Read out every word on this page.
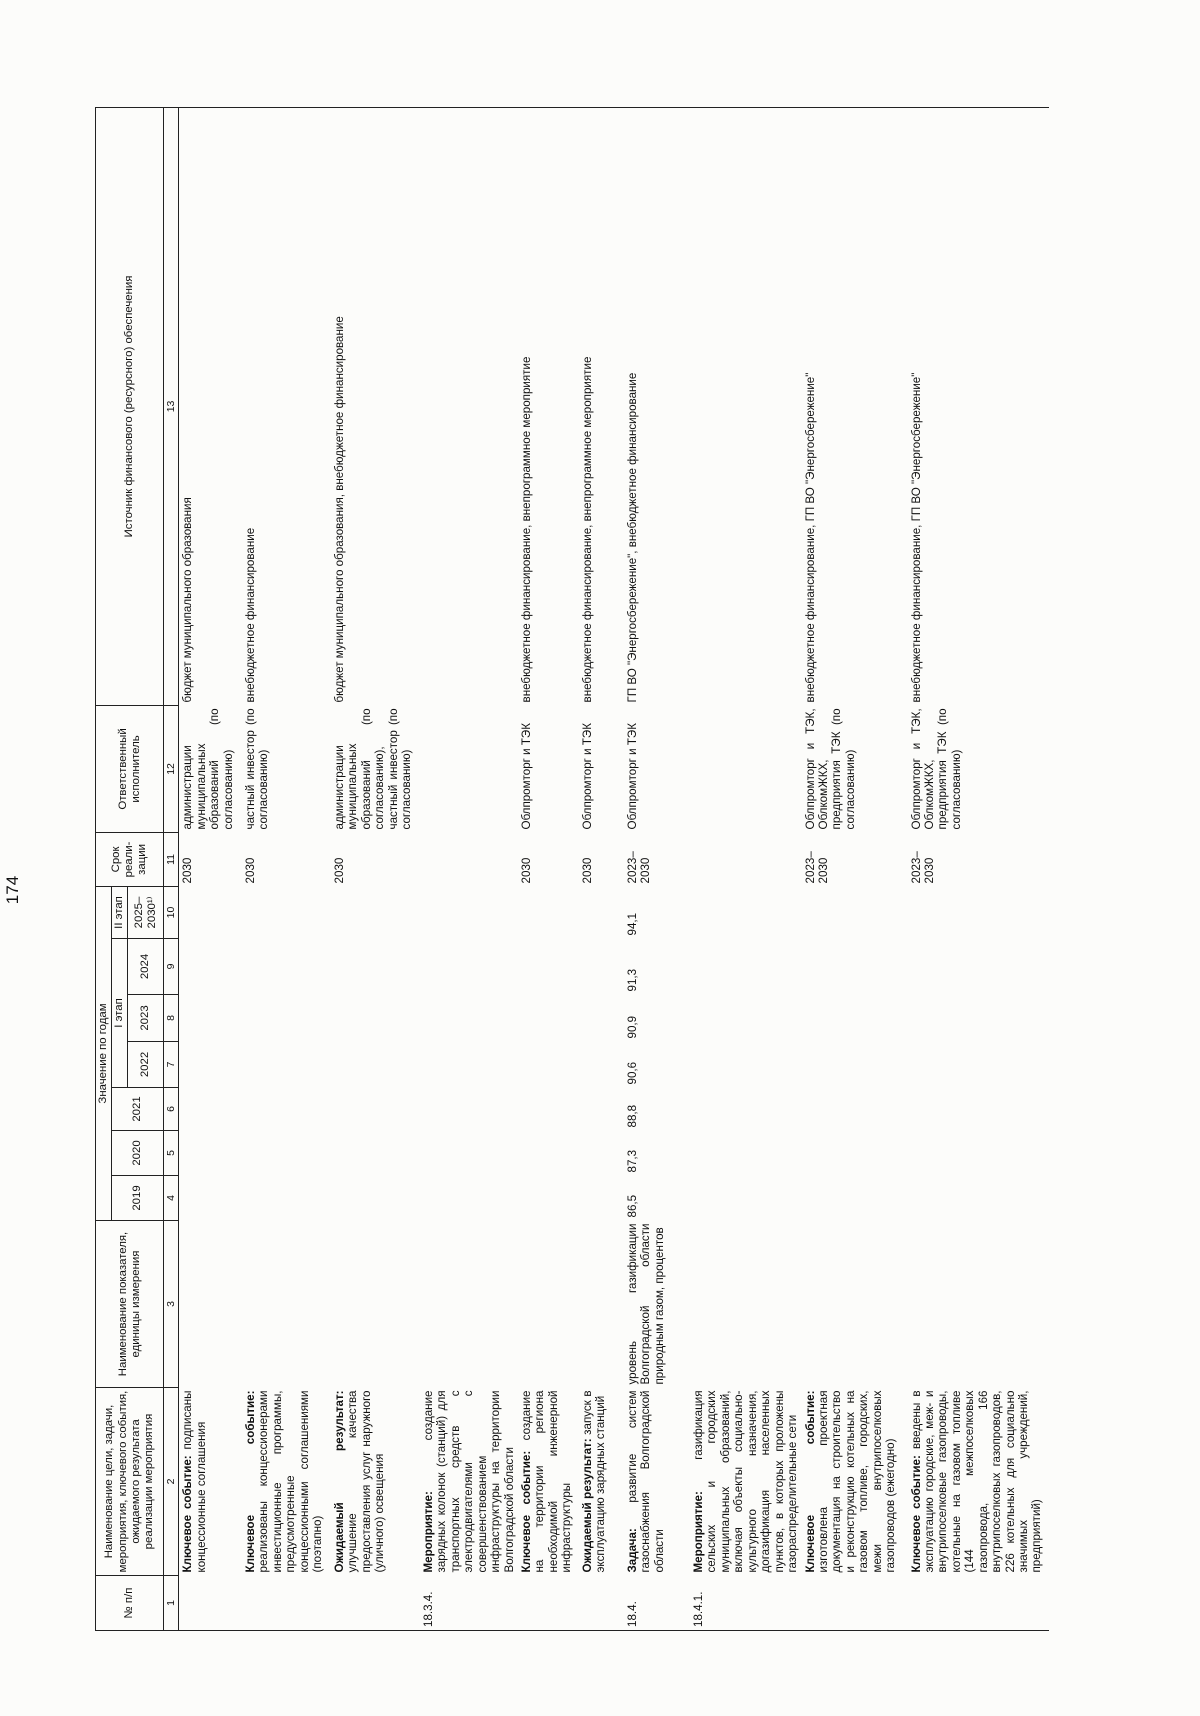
174
№ п/п	Наименование цели, задачи, мероприятия, ключевого события, ожидаемого результата реализации мероприятия	Наименование показателя, единицы измерения	Значение по годам							Срок реали-зации	Ответственный исполнитель	Источник финансового (ресурсного) обеспечения
			2019	2020	2021	I этап			II этап			
						2022	2023	2024	2025–2030¹⁾			
1	2	3	4	5	6	7	8	9	10	11	12	13
	Ключевое событие: подписаны концессионные соглашения									2030	администрации муниципальных образований (по согласованию)	бюджет муниципального образования
	Ключевое событие: реализованы концессионерами инвестиционные программы, предусмотренные концессионными соглашениями (поэтапно)									2030	частный инвестор (по согласованию)	внебюджетное финансирование
	Ожидаемый результат: улучшение качества предоставления услуг наружного (уличного) освещения									2030	администрации муниципальных образований (по согласованию), частный инвестор (по согласованию)	бюджет муниципального образования, внебюджетное финансирование
18.3.4.	Мероприятие: создание зарядных колонок (станций) для транспортных средств с электродвигателями с совершенствованием инфраструктуры на территории Волгоградской области											
	Ключевое событие: создание на территории региона необходимой инженерной инфраструктуры									2030	Облпромторг и ТЭК	внебюджетное финансирование, внепрограммное мероприятие
	Ожидаемый результат: запуск в эксплуатацию зарядных станций									2030	Облпромторг и ТЭК	внебюджетное финансирование, внепрограммное мероприятие
18.4.	Задача: развитие систем газоснабжения Волгоградской области	уровень газификации Волгоградской области природным газом, процентов	86,5	87,3	88,8	90,6	90,9	91,3	94,1	2023–2030	Облпромторг и ТЭК	ГП ВО "Энергосбережение", внебюджетное финансирование
18.4.1.	Мероприятие: газификация сельских и городских муниципальных образований, включая объекты социально-культурного назначения, догазификация населенных пунктов, в которых проложены газораспределительные сети											
	Ключевое событие: изготовлена проектная документация на строительство и реконструкцию котельных на газовом топливе, городских, межи внутрипоселковых газопроводов (ежегодно)									2023–2030	Облпромторг и ТЭК, ОблкомЖКХ, предприятия ТЭК (по согласованию)	внебюджетное финансирование, ГП ВО "Энергосбережение"
	Ключевое событие: введены в эксплуатацию городские, меж- и внутрипоселковые газопроводы, котельные на газовом топливе (144 межпоселковых газопровода, 166 внутрипоселковых газопроводов, 226 котельных для социально значимых учреждений, предприятий)									2023–2030	Облпромторг и ТЭК, ОблкомЖКХ, предприятия ТЭК (по согласованию)	внебюджетное финансирование, ГП ВО "Энергосбережение"
